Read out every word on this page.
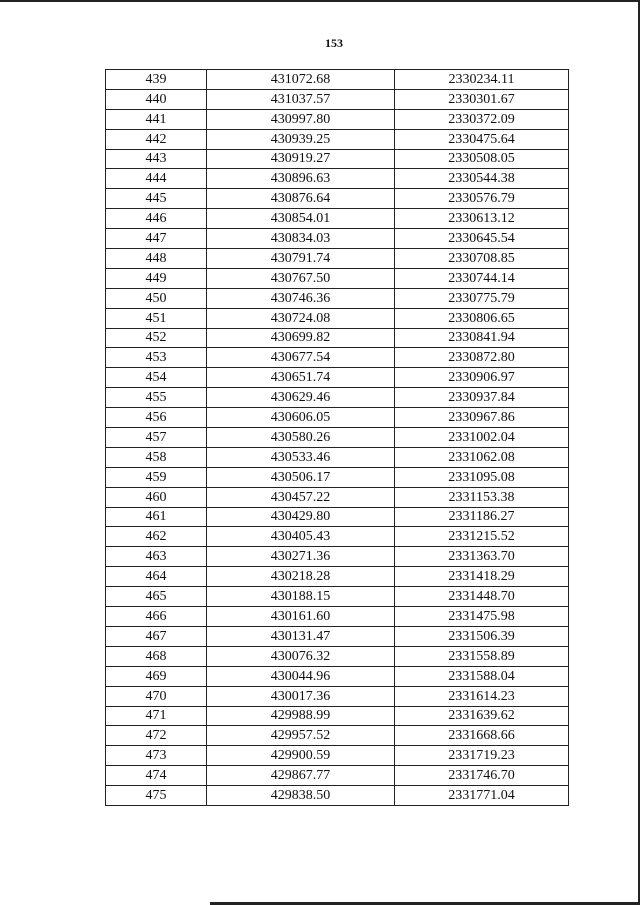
153
439	431072.68	2330234.11
440	431037.57	2330301.67
441	430997.80	2330372.09
442	430939.25	2330475.64
443	430919.27	2330508.05
444	430896.63	2330544.38
445	430876.64	2330576.79
446	430854.01	2330613.12
447	430834.03	2330645.54
448	430791.74	2330708.85
449	430767.50	2330744.14
450	430746.36	2330775.79
451	430724.08	2330806.65
452	430699.82	2330841.94
453	430677.54	2330872.80
454	430651.74	2330906.97
455	430629.46	2330937.84
456	430606.05	2330967.86
457	430580.26	2331002.04
458	430533.46	2331062.08
459	430506.17	2331095.08
460	430457.22	2331153.38
461	430429.80	2331186.27
462	430405.43	2331215.52
463	430271.36	2331363.70
464	430218.28	2331418.29
465	430188.15	2331448.70
466	430161.60	2331475.98
467	430131.47	2331506.39
468	430076.32	2331558.89
469	430044.96	2331588.04
470	430017.36	2331614.23
471	429988.99	2331639.62
472	429957.52	2331668.66
473	429900.59	2331719.23
474	429867.77	2331746.70
475	429838.50	2331771.04
